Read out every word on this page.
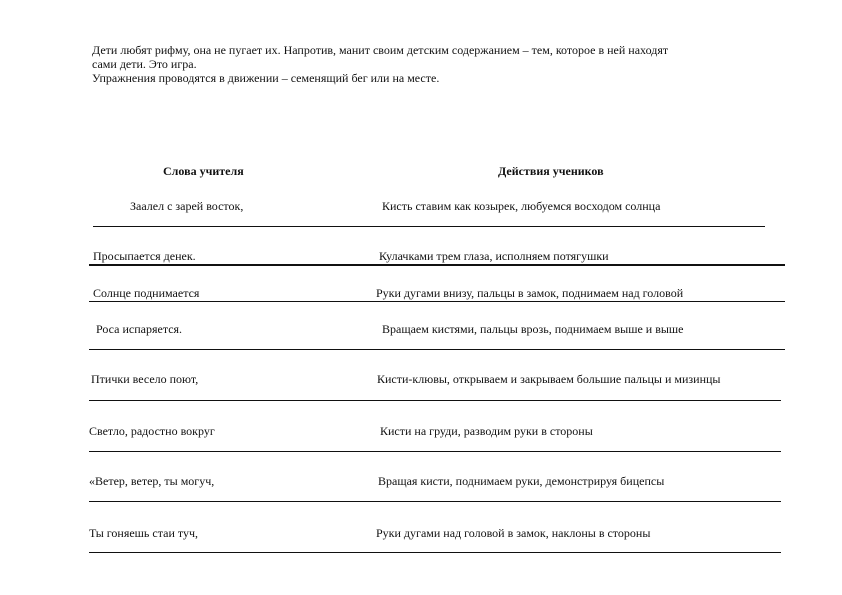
Дети любят рифму, она не пугает их. Напротив, манит своим детским содержанием – тем, которое в ней находят

сами дети. Это игра.

Упражнения проводятся в движении – семенящий бег или на месте.

Слова учителя	Действия учеников
Заалел с зарей восток,	Кисть ставим как козырек, любуемся восходом солнца
Просыпается денек.	Кулачками трем глаза, исполняем потягушки
Солнце поднимается	Руки дугами внизу, пальцы в замок, поднимаем над головой
Роса испаряется.	Вращаем кистями, пальцы врозь, поднимаем выше и выше
Птички весело поют,	Кисти-клювы, открываем и закрываем большие пальцы и мизинцы
Светло, радостно вокруг	Кисти на груди, разводим руки в стороны
«Ветер, ветер, ты могуч,	Вращая кисти, поднимаем руки, демонстрируя бицепсы
Ты гоняешь стаи туч,	Руки дугами над головой в замок, наклоны в стороны
